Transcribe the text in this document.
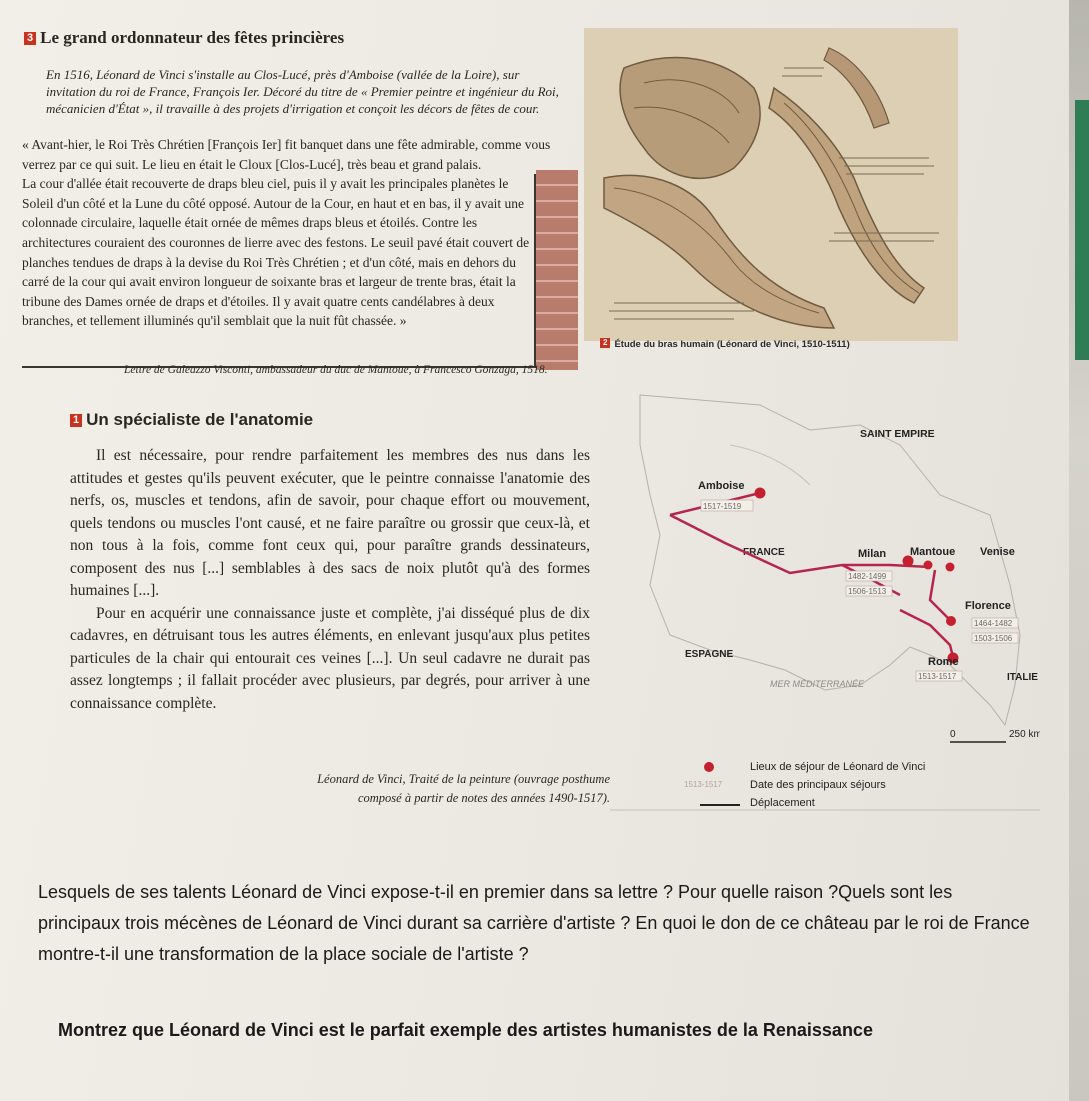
3 Le grand ordonnateur des fêtes princières
En 1516, Léonard de Vinci s'installe au Clos-Lucé, près d'Amboise (vallée de la Loire), sur invitation du roi de France, François Ier. Décoré du titre de « Premier peintre et ingénieur du Roi, mécanicien d'État », il travaille à des projets d'irrigation et conçoit les décors de fêtes de cour.

« Avant-hier, le Roi Très Chrétien [François Ier] fit banquet dans une fête admirable, comme vous verrez par ce qui suit. Le lieu en était le Cloux [Clos-Lucé], très beau et grand palais.

La cour d'allée était recouverte de draps bleu ciel, puis il y avait les principales planètes le Soleil d'un côté et la Lune du côté opposé. Autour de la Cour, en haut et en bas, il y avait une colonnade circulaire, laquelle était ornée de mêmes draps bleus et étoilés. Contre les architectures couraient des couronnes de lierre avec des festons. Le seuil pavé était couvert de planches tendues de draps à la devise du Roi Très Chrétien ; et d'un côté, mais en dehors du carré de la cour qui avait environ longueur de soixante bras et largeur de trente bras, était la tribune des Dames ornée de draps et d'étoiles. Il y avait quatre cents candélabres à deux branches, et tellement illuminés qu'il semblait que la nuit fût chassée. »

Lettre de Galeazzo Visconti, ambassadeur du duc de Mantoue, à Francesco Gonzaga, 1518.
2 Étude du bras humain (Léonard de Vinci, 1510-1511)
1 Un spécialiste de l'anatomie

Il est nécessaire, pour rendre parfaitement les membres des nus dans les attitudes et gestes qu'ils peuvent exécuter, que le peintre connaisse l'anatomie des nerfs, os, muscles et tendons, afin de savoir, pour chaque effort ou mouvement, quels tendons ou muscles l'ont causé, et ne faire paraître ou grossir que ceux-là, et non tous à la fois, comme font ceux qui, pour paraître grands dessinateurs, composent des nus [...] semblables à des sacs de noix plutôt qu'à des formes humaines [...].

Pour en acquérir une connaissance juste et complète, j'ai disséqué plus de dix cadavres, en détruisant tous les autres éléments, en enlevant jusqu'aux plus petites particules de la chair qui entourait ces veines [...]. Un seul cadavre ne durait pas assez longtemps ; il fallait procéder avec plusieurs, par degrés, pour arriver à une connaissance complète.

Léonard de Vinci, Traité de la peinture (ouvrage posthume
composé à partir de notes des années 1490-1517).
SAINT EMPIRE
FRANCE
ESPAGNE
ITALIE
MER MÉDITERRANÉE
Amboise
Milan Mantoue Venise
Florence
Rome
1517-1519
1482-1499
1506-1513
1464-1482
1503-1506
1513-1517
0	250 km
Lieux de séjour de Léonard de Vinci
1513-1517	Date des principaux séjours
Déplacement
Lesquels de ses talents Léonard de Vinci expose-t-il en premier dans sa lettre ? Pour quelle raison ?Quels sont les principaux trois mécènes de Léonard de Vinci durant sa carrière d'artiste ? En quoi le don de ce château par le roi de France montre-t-il une transformation de la place sociale de l'artiste ?
Montrez que Léonard de Vinci est le parfait exemple des artistes humanistes de la Renaissance
